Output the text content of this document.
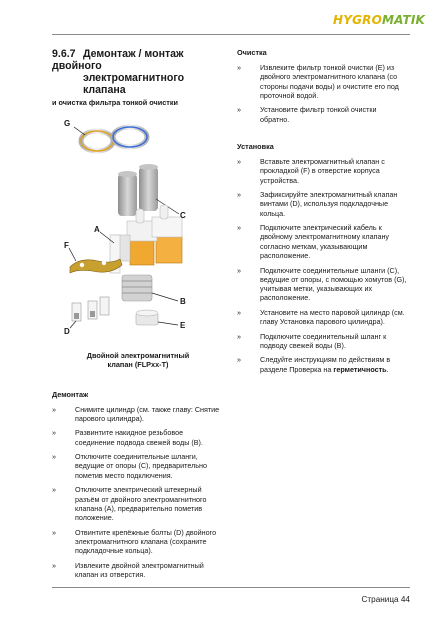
HYGROMATIK
9.6.7 Демонтаж / монтаж двойного
электромагнитного клапана
и очистка фильтра тонкой очистки
G
C
A
F
B
D
E
Двойной электромагнитный
клапан (FLPxx-T)
Демонтаж
»	Снимите цилиндр (см. также главу: Снятие парового цилиндра).
»	Развинтите накидное резьбовое соединение подвода свежей воды (B).
»	Отключите соединительные шланги, ведущие от опоры (C), предварительно пометив место подключения.
»	Отключите электрический штекерный разъём от двойного электромагнитного клапана (A), предварительно пометив положение.
»	Отвинтите крепёжные болты (D) двойного электромагнитного клапана (сохраните подкладочные кольца).
»	Извлеките двойной электромагнитный клапан из отверстия.
Очистка
»	Извлеките фильтр тонкой очистки (E) из двойного электромагнитного клапана (со стороны подачи воды) и очистите его под проточной водой.
»	Установите фильтр тонкой очистки обратно.
Установка
»	Вставьте электромагнитный клапан с прокладкой (F) в отверстие корпуса устройства.
»	Зафиксируйте электромагнитный клапан винтами (D), используя подкладочные кольца.
»	Подключите электрический кабель к двойному электромагнитному клапану согласно меткам, указывающим расположение.
»	Подключите соединительные шланги (C), ведущие от опоры, с помощью хомутов (G), учитывая метки, указывающих их расположение.
»	Установите на место паровой цилиндр (см. главу Установка парового цилиндра).
»	Подключите соединительный шланг к подводу свежей воды (B).
»	Следуйте инструкциям по действиям в разделе Проверка на герметичность.
Страница 44
